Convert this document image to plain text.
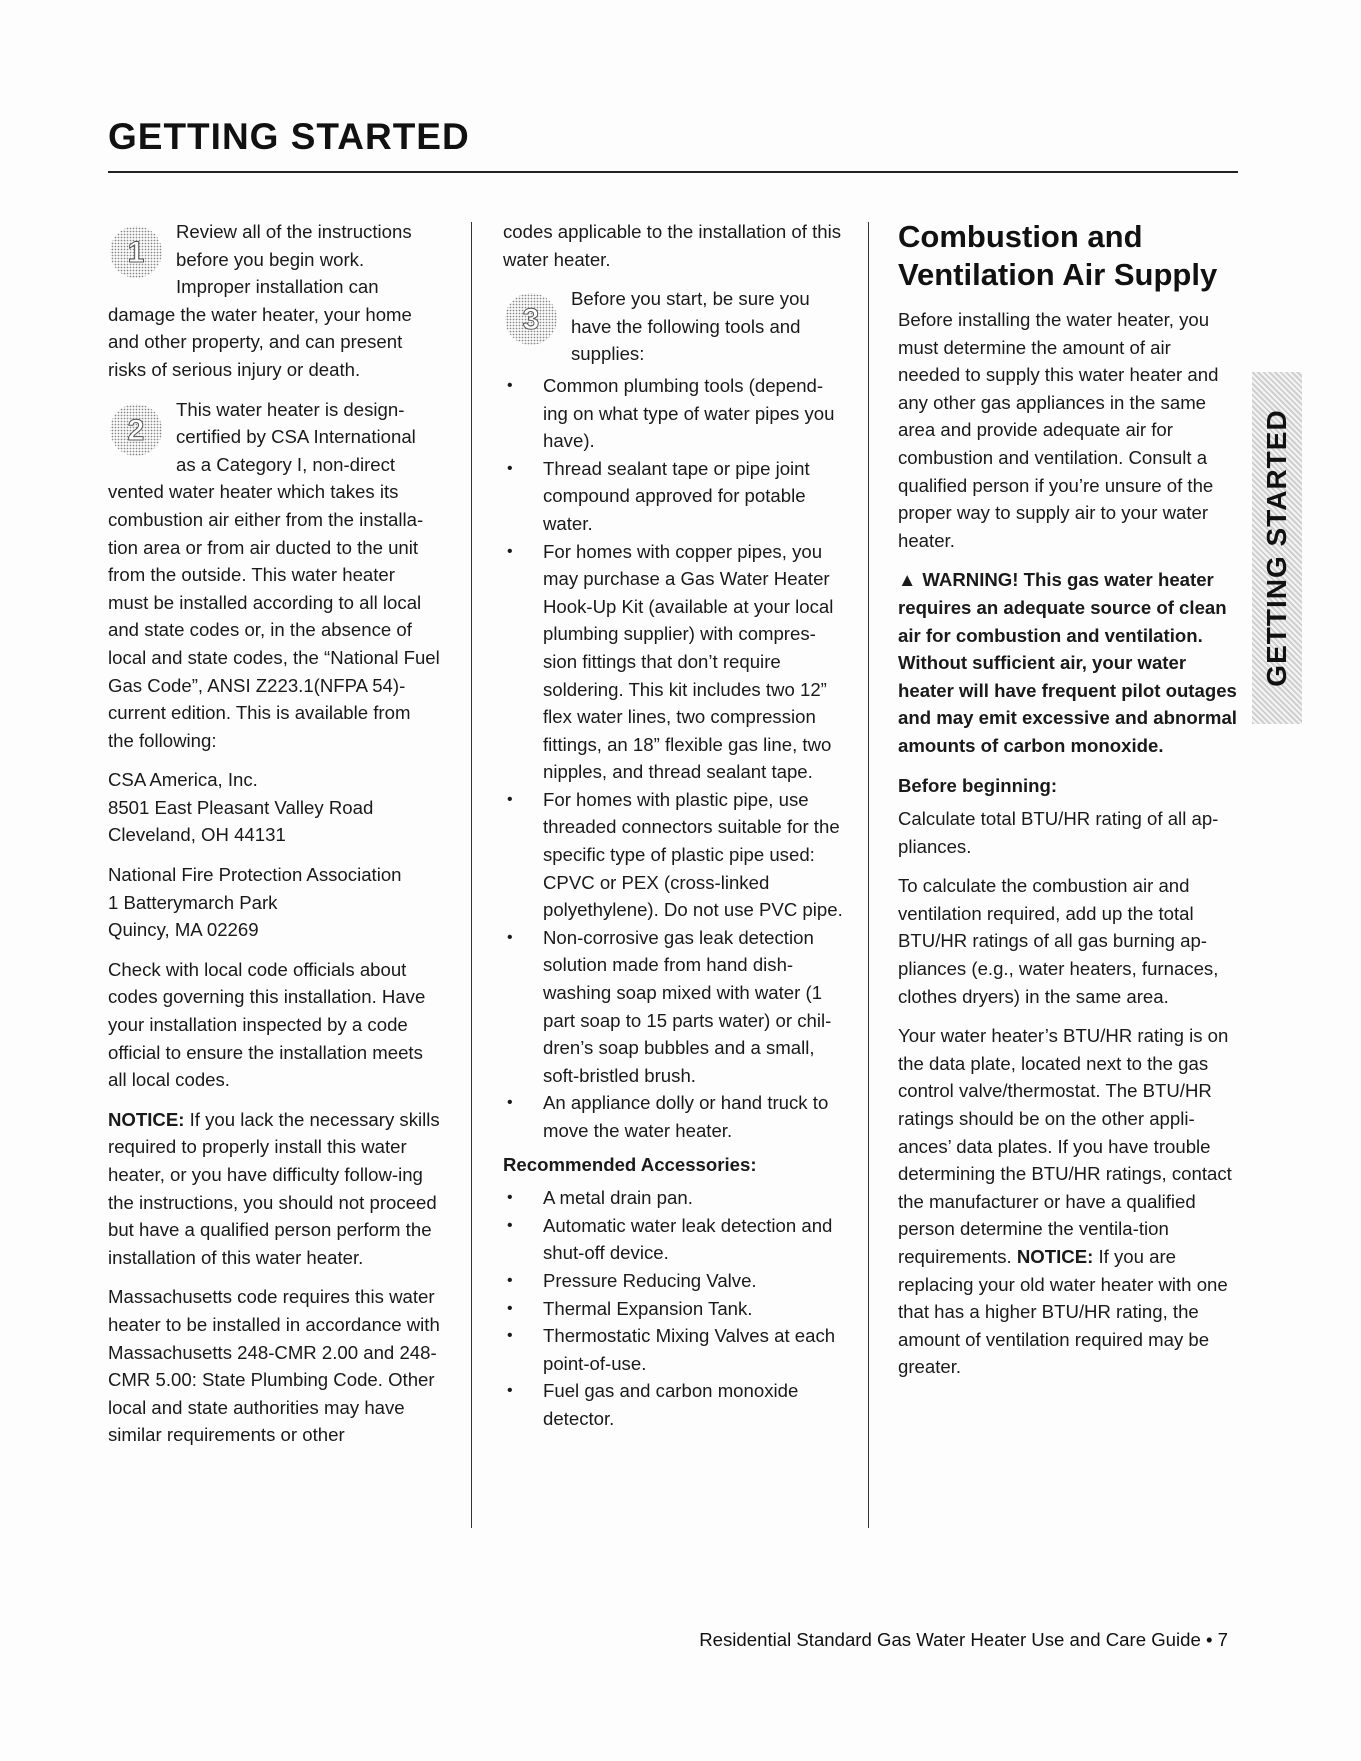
GETTING STARTED
1
Review all of the instructions
before you begin work.
Improper installation can

damage the water heater, your home and other property, and can present risks of serious injury or death.

2
This water heater is design-
certified by CSA International
as a Category I, non-direct

vented water heater which takes its combustion air either from the installa-tion area or from air ducted to the unit from the outside. This water heater must be installed according to all local and state codes or, in the absence of local and state codes, the “National Fuel Gas Code”, ANSI Z223.1(NFPA 54)-current edition. This is available from the following:

CSA America, Inc.
8501 East Pleasant Valley Road
Cleveland, OH 44131

National Fire Protection Association
1 Batterymarch Park
Quincy, MA 02269

Check with local code officials about codes governing this installation. Have your installation inspected by a code official to ensure the installation meets all local codes.

NOTICE: If you lack the necessary skills required to properly install this water heater, or you have difficulty follow-ing the instructions, you should not proceed but have a qualified person perform the installation of this water heater.

Massachusetts code requires this water heater to be installed in accordance with Massachusetts 248-CMR 2.00 and 248-CMR 5.00: State Plumbing Code. Other local and state authorities may have similar requirements or other

codes applicable to the installation of this water heater.

3
Before you start, be sure you
have the following tools and
supplies:
• Common plumbing tools (depend-ing on what type of water pipes you have).
• Thread sealant tape or pipe joint compound approved for potable water.
• For homes with copper pipes, you may purchase a Gas Water Heater Hook-Up Kit (available at your local plumbing supplier) with compres-sion fittings that don’t require soldering. This kit includes two 12” flex water lines, two compression fittings, an 18” flexible gas line, two nipples, and thread sealant tape.
• For homes with plastic pipe, use threaded connectors suitable for the specific type of plastic pipe used: CPVC or PEX (cross-linked polyethylene). Do not use PVC pipe.
• Non-corrosive gas leak detection solution made from hand dish-washing soap mixed with water (1 part soap to 15 parts water) or chil-dren’s soap bubbles and a small, soft-bristled brush.
• An appliance dolly or hand truck to move the water heater.
Recommended Accessories:
• A metal drain pan.
• Automatic water leak detection and shut-off device.
• Pressure Reducing Valve.
• Thermal Expansion Tank.
• Thermostatic Mixing Valves at each point-of-use.
• Fuel gas and carbon monoxide detector.
Combustion and Ventilation Air Supply

Before installing the water heater, you must determine the amount of air needed to supply this water heater and any other gas appliances in the same area and provide adequate air for combustion and ventilation. Consult a qualified person if you’re unsure of the proper way to supply air to your water heater.

▲ WARNING! This gas water heater requires an adequate source of clean air for combustion and ventilation. Without sufficient air, your water heater will have frequent pilot outages and may emit excessive and abnormal amounts of carbon monoxide.

Before beginning:

Calculate total BTU/HR rating of all ap-pliances.

To calculate the combustion air and ventilation required, add up the total BTU/HR ratings of all gas burning ap-pliances (e.g., water heaters, furnaces, clothes dryers) in the same area.

Your water heater’s BTU/HR rating is on the data plate, located next to the gas control valve/thermostat. The BTU/HR ratings should be on the other appli-ances’ data plates. If you have trouble determining the BTU/HR ratings, contact the manufacturer or have a qualified person determine the ventila-tion requirements. NOTICE: If you are replacing your old water heater with one that has a higher BTU/HR rating, the amount of ventilation required may be greater.

GETTING STARTED
Residential Standard Gas Water Heater Use and Care Guide • 7
